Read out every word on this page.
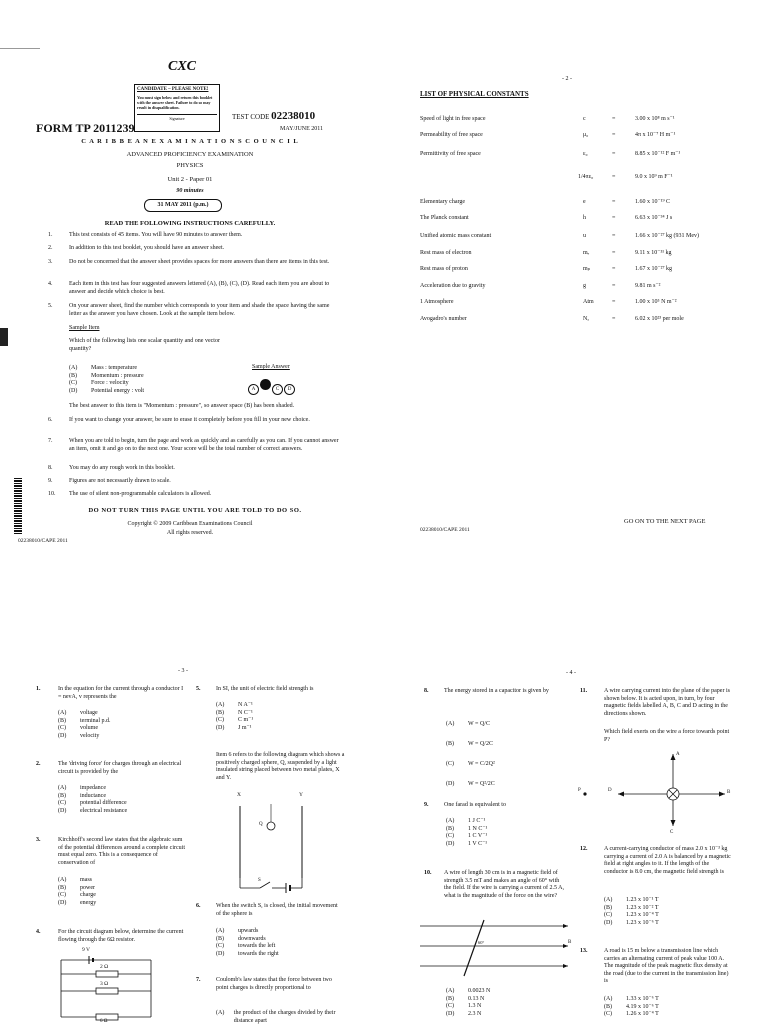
CXC
CANDIDATE – PLEASE NOTE!
You must sign below and return this booklet with the answer sheet. Failure to do so may result in disqualification.
Signature
FORM TP 2011239
TEST CODE 02238010
MAY/JUNE 2011
C A R I B B E A N E X A M I N A T I O N S C O U N C I L
ADVANCED PROFICIENCY EXAMINATION
PHYSICS
Unit 2 - Paper 01
90 minutes
31 MAY 2011 (p.m.)
READ THE FOLLOWING INSTRUCTIONS CAREFULLY.
1.	This test consists of 45 items. You will have 90 minutes to answer them.
2.	In addition to this test booklet, you should have an answer sheet.
3.	Do not be concerned that the answer sheet provides spaces for more answers than there are items in this test.
4.	Each item in this test has four suggested answers lettered (A), (B), (C), (D). Read each item you are about to answer and decide which choice is best.
5.	On your answer sheet, find the number which corresponds to your item and shade the space having the same letter as the answer you have chosen. Look at the sample item below.
Sample Item
Which of the following lists one scalar quantity and one vector quantity?
Sample Answer
(A)	Mass : temperature
(B)	Momentum : pressure
(C)	Force : velocity
(D)	Potential energy : volt	A	C D
The best answer to this item is "Momentum : pressure", so answer space (B) has been shaded.
6.	If you want to change your answer, be sure to erase it completely before you fill in your new choice.
7.	When you are told to begin, turn the page and work as quickly and as carefully as you can. If you cannot answer an item, omit it and go on to the next one. Your score will be the total number of correct answers.
8.	You may do any rough work in this booklet.
9.	Figures are not necessarily drawn to scale.
10. The use of silent non-programmable calculators is allowed.
DO NOT TURN THIS PAGE UNTIL YOU ARE TOLD TO DO SO.
Copyright © 2009 Caribbean Examinations Council
All rights reserved.
02238010/CAPE 2011
- 2 -
LIST OF PHYSICAL CONSTANTS
Speed of light in free space	c	=	3.00 x 10⁸ m s⁻¹
Permeability of free space	μ₀	=	4π x 10⁻⁷ H m⁻¹
Permittivity of free space	ε₀	=	8.85 x 10⁻¹² F m⁻¹
1/4πε₀	=	9.0 x 10⁹ m F⁻¹
Elementary charge	e	=	1.60 x 10⁻¹⁹ C
The Planck constant	h	=	6.63 x 10⁻³⁴ J s
Unified atomic mass constant	u	=	1.66 x 10⁻²⁷ kg (931 Mev)
Rest mass of electron	mₑ	=	9.11 x 10⁻³¹ kg
Rest mass of proton	mₚ	=	1.67 x 10⁻²⁷ kg
Acceleration due to gravity	g	=	9.81 m s⁻²
1 Atmosphere	Atm	=	1.00 x 10⁵ N m⁻²
Avogadro's number	Nₐ	=	6.02 x 10²³ per mole
GO ON TO THE NEXT PAGE
02238010/CAPE 2011
- 3 -
1.	In the equation for the current through a conductor I = nevA, v represents the
(A)	voltage
(B)	terminal p.d.
(C)	volume
(D)	velocity
2.	The 'driving force' for charges through an electrical circuit is provided by the
(A)	impedance
(B)	inductance
(C)	potential difference
(D)	electrical resistance
3.	Kirchhoff's second law states that the algebraic sum of the potential differences around a complete circuit must equal zero. This is a consequence of conservation of
(A)	mass
(B)	power
(C)	charge
(D)	energy
4.	For the circuit diagram below, determine the current flowing through the 6Ω resistor.
9 V
2 Ω
3 Ω
6 Ω
5.	In SI, the unit of electric field strength is
(A)	N A⁻¹
(B)	N C⁻¹
(C)	C m⁻¹
(D)	J m⁻¹
Item 6 refers to the following diagram which shows a positively charged sphere, Q, suspended by a light insulated string placed between two metal plates, X and Y.
X	Y
Q
S
6.	When the switch S, is closed, the initial movement of the sphere is
(A)	upwards
(B)	downwards
(C)	towards the left
(D)	towards the right
7.	Coulomb's law states that the force between two point charges is directly proportional to
(A)	the product of the charges divided by their distance apart
- 4 -
8.	The energy stored in a capacitor is given by
(A)	W = Q/C
(B)	W = Q/2C
(C)	W = C/2Q²
(D)	W = Q²/2C
9.	One farad is equivalent to
(A)	1 J C⁻¹
(B)	1 N C⁻¹
(C)	1 C V⁻¹
(D)	1 V C⁻¹
10. A wire of length 30 cm is in a magnetic field of strength 3.5 mT and makes an angle of 60° with the field. If the wire is carrying a current of 2.5 A, what is the magnitude of the force on the wire?
60°	B
(A)	0.0023 N
(B)	0.13 N
(C)	1.3 N
(D)	2.3 N
11.	A wire carrying current into the plane of the paper is shown below. It is acted upon, in turn, by four magnetic fields labelled A, B, C and D acting in the directions shown.
Which field exerts on the wire a force towards point P?
A
D	B
C
P
12.	A current-carrying conductor of mass 2.0 x 10⁻³ kg carrying a current of 2.0 A is balanced by a magnetic field at right angles to it. If the length of the conductor is 8.0 cm, the magnetic field strength is
(A)	1.23 x 10⁻¹ T
(B)	1.23 x 10⁻² T
(C)	1.23 x 10⁻⁴ T
(D)	1.23 x 10⁻⁶ T
13.	A road is 15 m below a transmission line which carries an alternating current of peak value 100 A. The magnitude of the peak magnetic flux density at the road (due to the current in the transmission line) is
(A)	1.33 x 10⁻⁶ T
(B)	4.19 x 10⁻⁶ T
(C)	1.26 x 10⁻⁴ T
